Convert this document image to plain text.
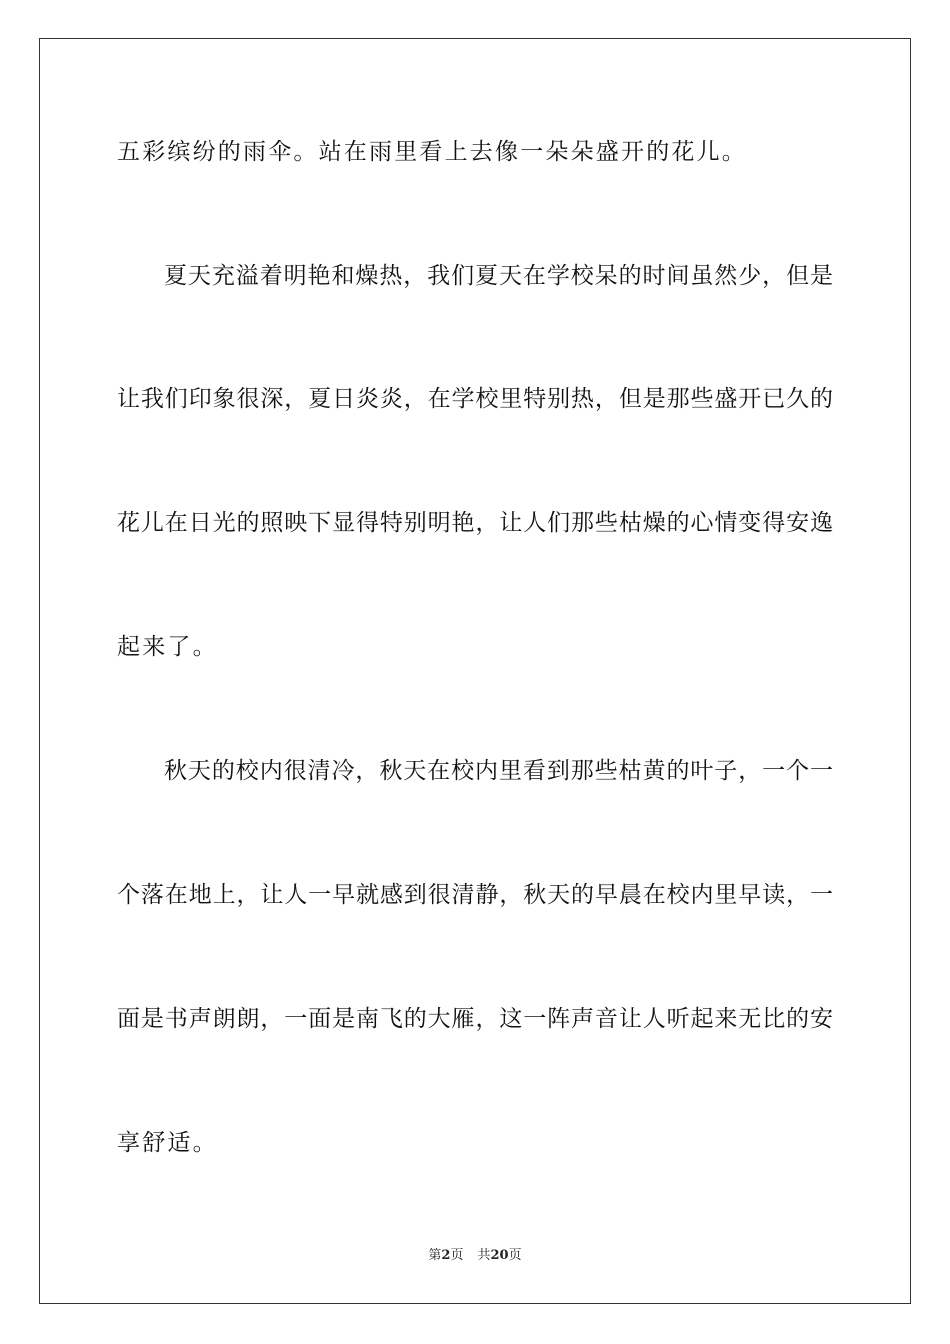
五彩缤纷的雨伞。站在雨里看上去像一朵朵盛开的花儿。
夏天充溢着明艳和燥热，我们夏天在学校呆的时间虽然少，但是
让我们印象很深，夏日炎炎，在学校里特别热，但是那些盛开已久的
花儿在日光的照映下显得特别明艳，让人们那些枯燥的心情变得安逸
起来了。
秋天的校内很清冷，秋天在校内里看到那些枯黄的叶子，一个一
个落在地上，让人一早就感到很清静，秋天的早晨在校内里早读，一
面是书声朗朗，一面是南飞的大雁，这一阵声音让人听起来无比的安
享舒适。
第2页 共20页
